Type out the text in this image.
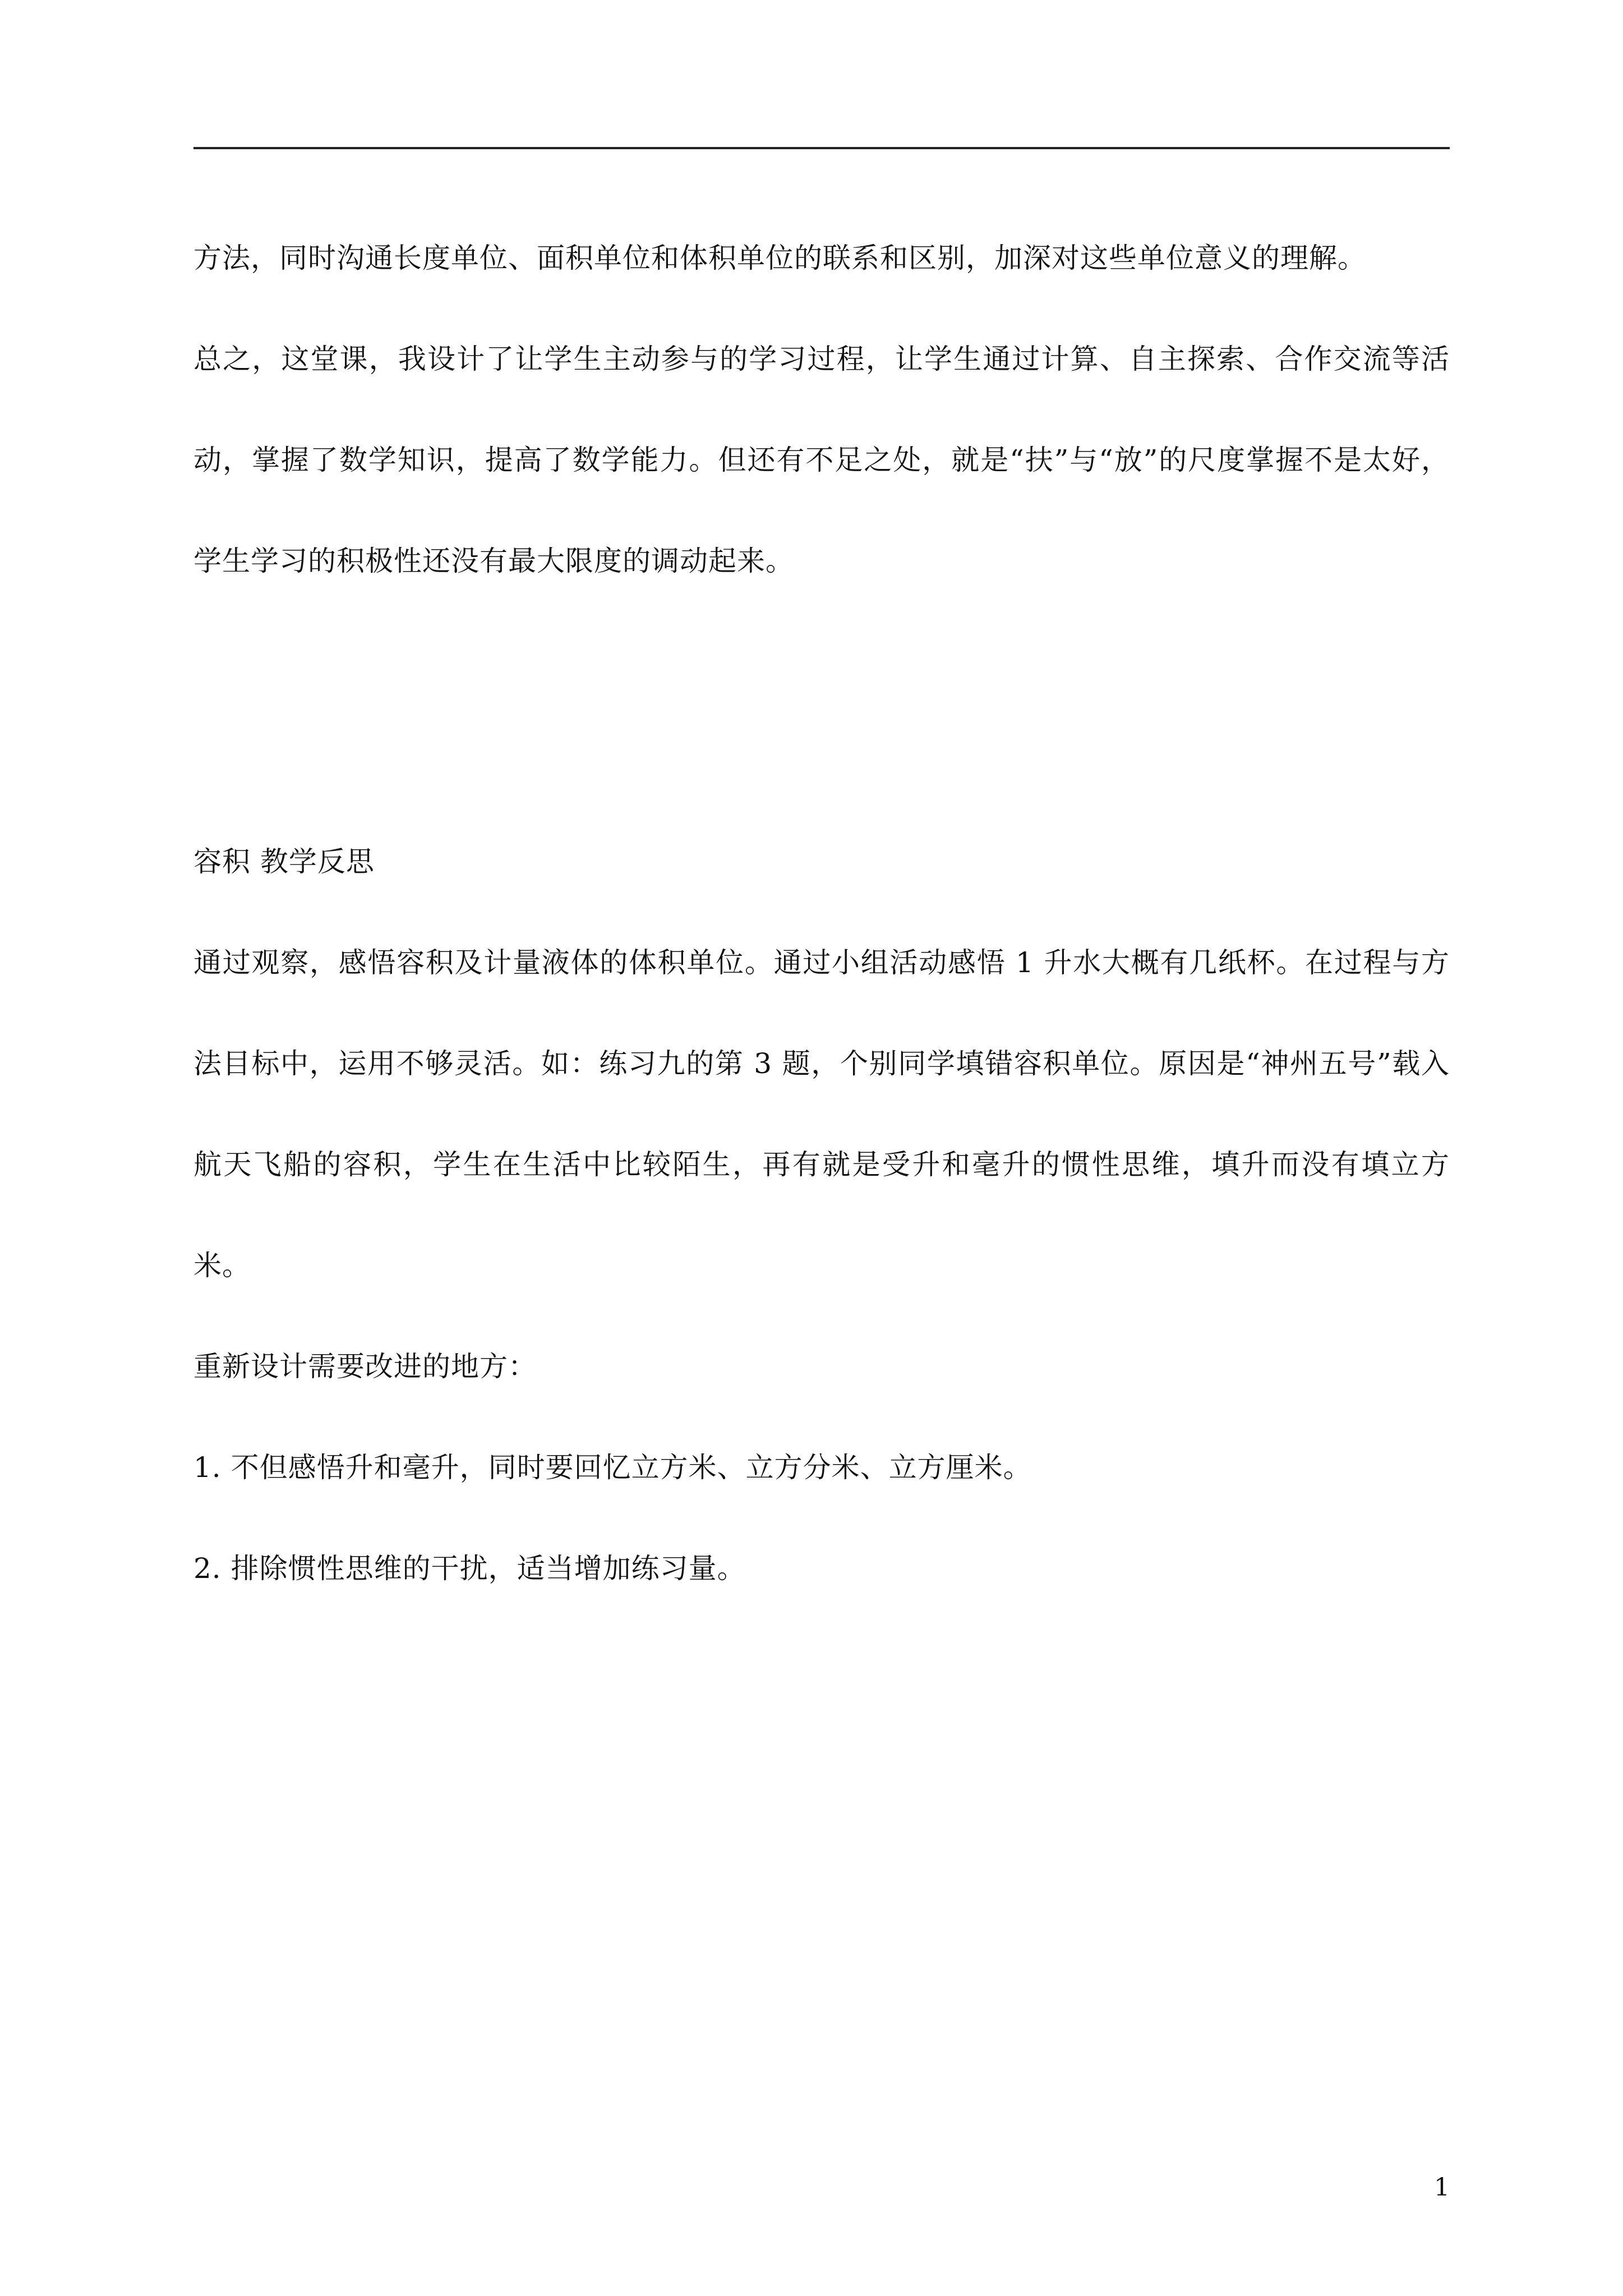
方法，同时沟通长度单位、面积单位和体积单位的联系和区别，加深对这些单位意义的理解。

总之，这堂课，我设计了让学生主动参与的学习过程，让学生通过计算、自主探索、合作交流等活动，掌握了数学知识，提高了数学能力。但还有不足之处，就是“扶”与“放”的尺度掌握不是太好，学生学习的积极性还没有最大限度的调动起来。

容积 教学反思

通过观察，感悟容积及计量液体的体积单位。通过小组活动感悟 1 升水大概有几纸杯。在过程与方法目标中，运用不够灵活。如：练习九的第 3 题，个别同学填错容积单位。原因是“神州五号”载入航天飞船的容积，学生在生活中比较陌生，再有就是受升和毫升的惯性思维，填升而没有填立方米。

重新设计需要改进的地方：

1. 不但感悟升和毫升，同时要回忆立方米、立方分米、立方厘米。

2. 排除惯性思维的干扰，适当增加练习量。

1
